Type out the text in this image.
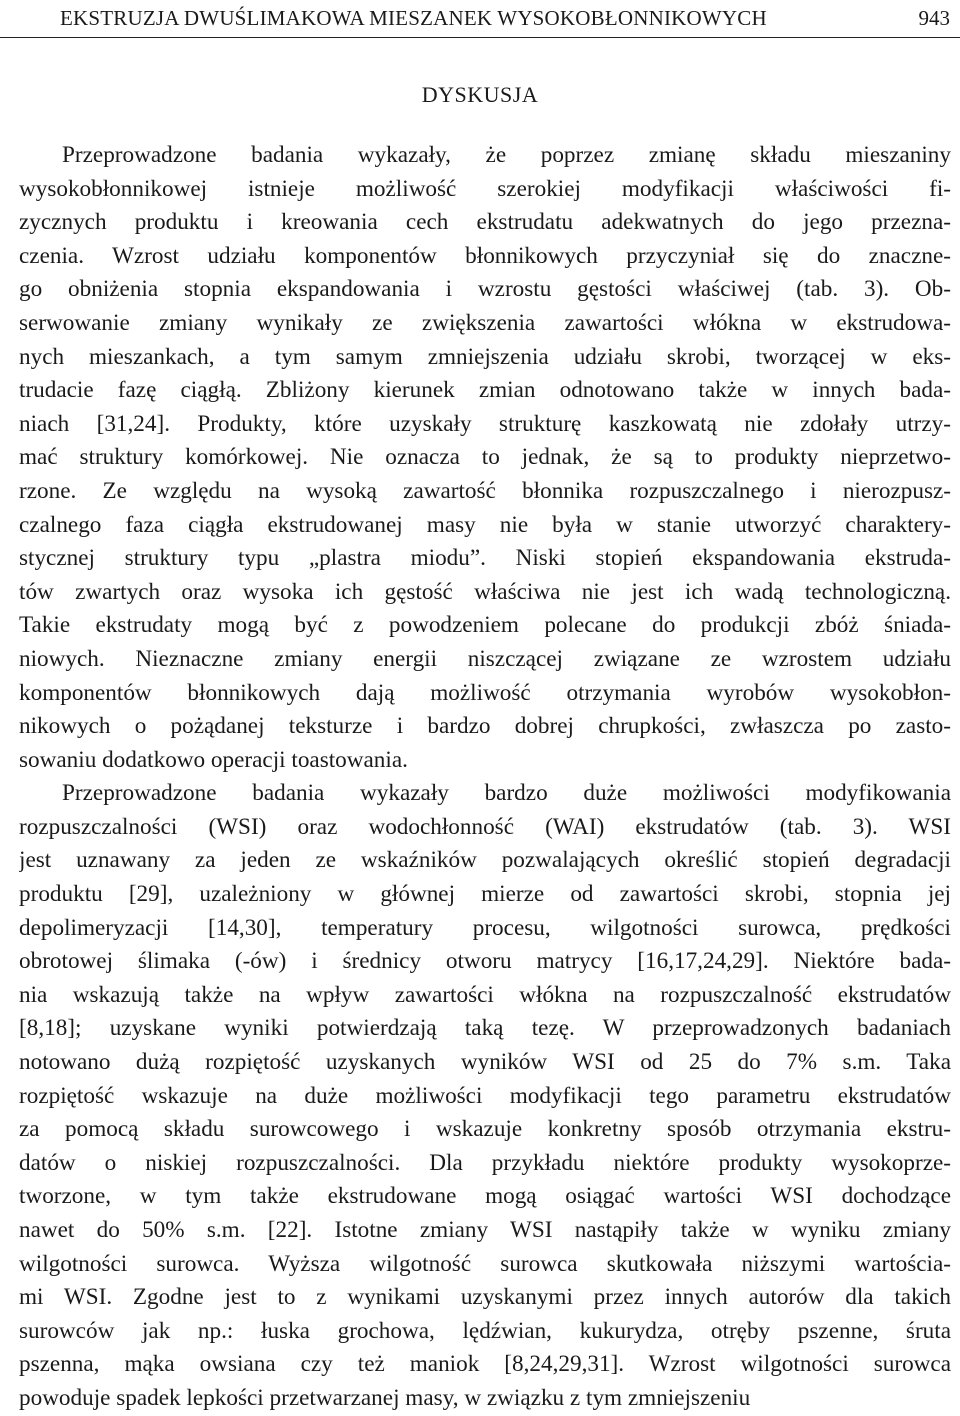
EKSTRUZJA DWUŚLIMAKOWA MIESZANEK WYSOKOBŁONNIKOWYCH	943
DYSKUSJA
Przeprowadzone badania wykazały, że poprzez zmianę składu mieszaniny
wysokobłonnikowej istnieje możliwość szerokiej modyfikacji właściwości fi-
zycznych produktu i kreowania cech ekstrudatu adekwatnych do jego przezna-
czenia. Wzrost udziału komponentów błonnikowych przyczyniał się do znaczne-
go obniżenia stopnia ekspandowania i wzrostu gęstości właściwej (tab. 3). Ob-
serwowanie zmiany wynikały ze zwiększenia zawartości włókna w ekstrudowa-
nych mieszankach, a tym samym zmniejszenia udziału skrobi, tworzącej w eks-
trudacie fazę ciągłą. Zbliżony kierunek zmian odnotowano także w innych bada-
niach [31,24]. Produkty, które uzyskały strukturę kaszkowatą nie zdołały utrzy-
mać struktury komórkowej. Nie oznacza to jednak, że są to produkty nieprzetwo-
rzone. Ze względu na wysoką zawartość błonnika rozpuszczalnego i nierozpusz-
czalnego faza ciągła ekstrudowanej masy nie była w stanie utworzyć charaktery-
stycznej struktury typu „plastra miodu”. Niski stopień ekspandowania ekstruda-
tów zwartych oraz wysoka ich gęstość właściwa nie jest ich wadą technologiczną.
Takie ekstrudaty mogą być z powodzeniem polecane do produkcji zbóż śniada-
niowych. Nieznaczne zmiany energii niszczącej związane ze wzrostem udziału
komponentów błonnikowych dają możliwość otrzymania wyrobów wysokobłon-
nikowych o pożądanej teksturze i bardzo dobrej chrupkości, zwłaszcza po zasto-
sowaniu dodatkowo operacji toastowania.
Przeprowadzone badania wykazały bardzo duże możliwości modyfikowania
rozpuszczalności (WSI) oraz wodochłonność (WAI) ekstrudatów (tab. 3). WSI
jest uznawany za jeden ze wskaźników pozwalających określić stopień degradacji
produktu [29], uzależniony w głównej mierze od zawartości skrobi, stopnia jej
depolimeryzacji [14,30], temperatury procesu, wilgotności surowca, prędkości
obrotowej ślimaka (-ów) i średnicy otworu matrycy [16,17,24,29]. Niektóre bada-
nia wskazują także na wpływ zawartości włókna na rozpuszczalność ekstrudatów
[8,18]; uzyskane wyniki potwierdzają taką tezę. W przeprowadzonych badaniach
notowano dużą rozpiętość uzyskanych wyników WSI od 25 do 7% s.m. Taka
rozpiętość wskazuje na duże możliwości modyfikacji tego parametru ekstrudatów
za pomocą składu surowcowego i wskazuje konkretny sposób otrzymania ekstru-
datów o niskiej rozpuszczalności. Dla przykładu niektóre produkty wysokoprze-
tworzone, w tym także ekstrudowane mogą osiągać wartości WSI dochodzące
nawet do 50% s.m. [22]. Istotne zmiany WSI nastąpiły także w wyniku zmiany
wilgotności surowca. Wyższa wilgotność surowca skutkowała niższymi wartościa-
mi WSI. Zgodne jest to z wynikami uzyskanymi przez innych autorów dla takich
surowców jak np.: łuska grochowa, lędźwian, kukurydza, otręby pszenne, śruta
pszenna, mąka owsiana czy też maniok [8,24,29,31]. Wzrost wilgotności surowca
powoduje spadek lepkości przetwarzanej masy, w związku z tym zmniejszeniu
